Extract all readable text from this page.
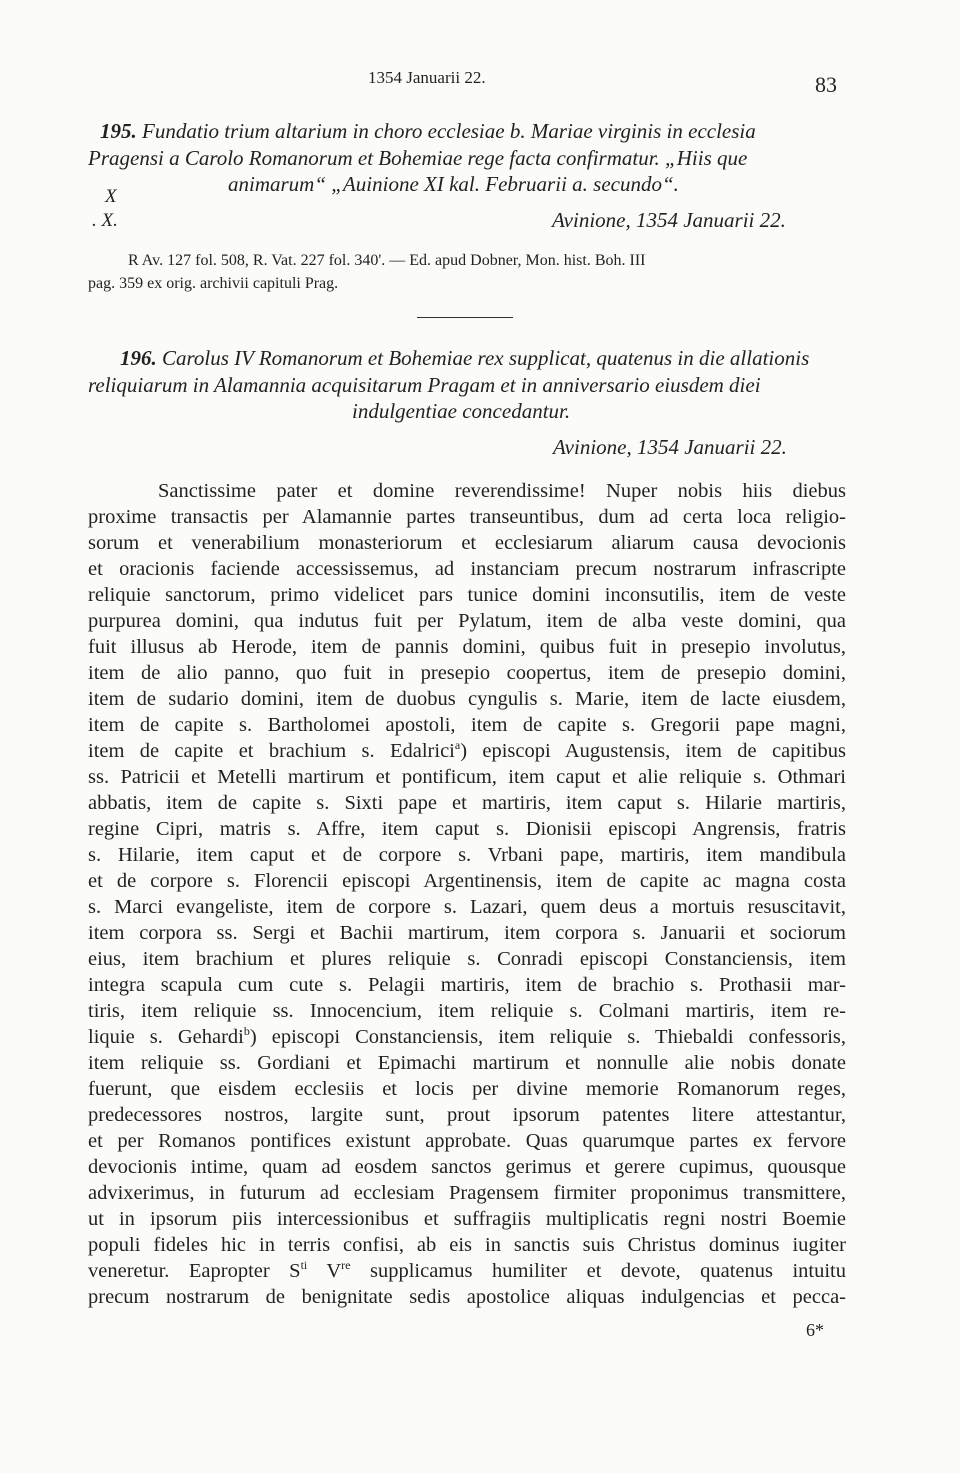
1354 Januarii 22.	83
195. Fundatio trium altarium in choro ecclesiae b. Mariae virginis in ecclesia
Pragensi a Carolo Romanorum et Bohemiae rege facta confirmatur. „Hiis que
animarum“ „Auinione XI kal. Februarii a. secundo“.
X
. X.	Avinione, 1354 Januarii 22.
R Av. 127 fol. 508, R. Vat. 227 fol. 340'. — Ed. apud Dobner, Mon. hist. Boh. III
pag. 359 ex orig. archivii capituli Prag.
196. Carolus IV Romanorum et Bohemiae rex supplicat, quatenus in die allationis
reliquiarum in Alamannia acquisitarum Pragam et in anniversario eiusdem diei
indulgentiae concedantur.
Avinione, 1354 Januarii 22.
Sanctissime pater et domine reverendissime! Nuper nobis hiis diebus
proxime transactis per Alamannie partes transeuntibus, dum ad certa loca religio-
sorum et venerabilium monasteriorum et ecclesiarum aliarum causa devocionis
et oracionis faciende accessissemus, ad instanciam precum nostrarum infrascripte
reliquie sanctorum, primo videlicet pars tunice domini inconsutilis, item de veste
purpurea domini, qua indutus fuit per Pylatum, item de alba veste domini, qua
fuit illusus ab Herode, item de pannis domini, quibus fuit in presepio involutus,
item de alio panno, quo fuit in presepio coopertus, item de presepio domini,
item de sudario domini, item de duobus cyngulis s. Marie, item de lacte eiusdem,
item de capite s. Bartholomei apostoli, item de capite s. Gregorii pape magni,
item de capite et brachium s. Edalrici$^a$) episcopi Augustensis, item de capitibus
ss. Patricii et Metelli martirum et pontificum, item caput et alie reliquie s. Othmari
abbatis, item de capite s. Sixti pape et martiris, item caput s. Hilarie martiris,
regine Cipri, matris s. Affre, item caput s. Dionisii episcopi Angrensis, fratris
s. Hilarie, item caput et de corpore s. Vrbani pape, martiris, item mandibula
et de corpore s. Florencii episcopi Argentinensis, item de capite ac magna costa
s. Marci evangeliste, item de corpore s. Lazari, quem deus a mortuis resuscitavit,
item corpora ss. Sergi et Bachii martirum, item corpora s. Januarii et sociorum
eius, item brachium et plures reliquie s. Conradi episcopi Constanciensis, item
integra scapula cum cute s. Pelagii martiris, item de brachio s. Prothasii mar-
tiris, item reliquie ss. Innocencium, item reliquie s. Colmani martiris, item re-
liquie s. Gehardi$^b$) episcopi Constanciensis, item reliquie s. Thiebaldi confessoris,
item reliquie ss. Gordiani et Epimachi martirum et nonnulle alie nobis donate
fuerunt, que eisdem ecclesiis et locis per divine memorie Romanorum reges,
predecessores nostros, largite sunt, prout ipsorum patentes litere attestantur,
et per Romanos pontifices existunt approbate. Quas quarumque partes ex fervore
devocionis intime, quam ad eosdem sanctos gerimus et gerere cupimus, quousque
advixerimus, in futurum ad ecclesiam Pragensem firmiter proponimus transmittere,
ut in ipsorum piis intercessionibus et suffragiis multiplicatis regni nostri Boemie
populi fideles hic in terris confisi, ab eis in sanctis suis Christus dominus iugiter
veneretur. Eapropter $S^{ti}$ Vre supplicamus humiliter et devote, quatenus intuitu
precum nostrarum de benignitate sedis apostolice aliquas indulgencias et pecca-
6*
